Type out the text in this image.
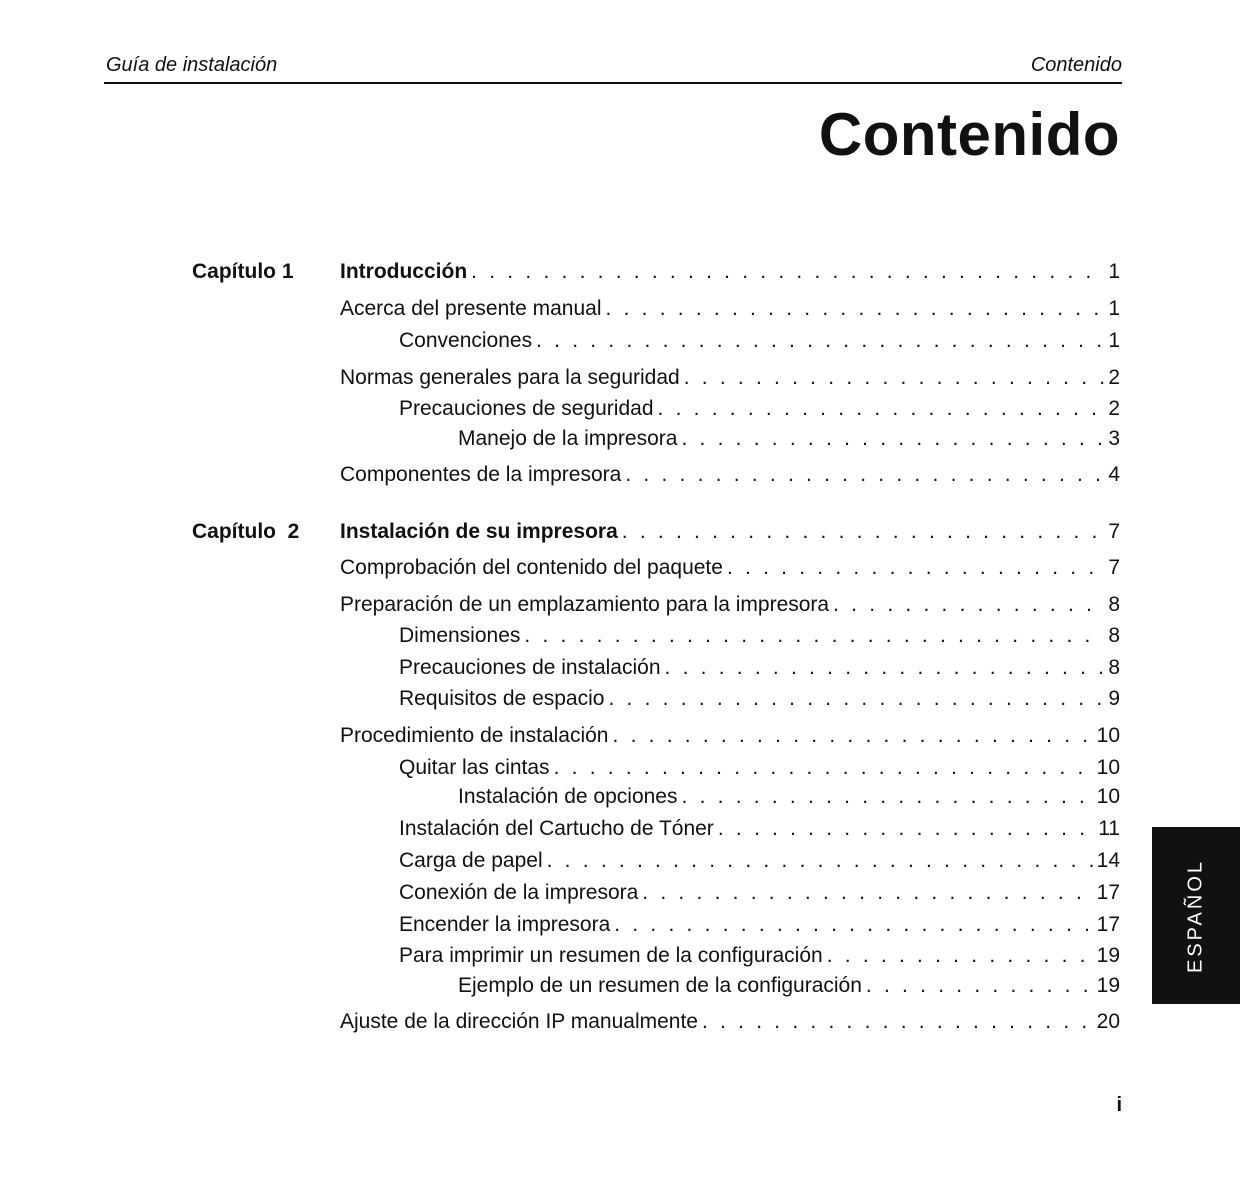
Guía de instalación	Contenido
Contenido
Capítulo 1 Introducción . . .	1
Acerca del presente manual . . .	1
Convenciones . . .	1
Normas generales para la seguridad . . .	2
Precauciones de seguridad . . .	2
Manejo de la impresora . . .	3
Componentes de la impresora . . .	4
Capítulo  2 Instalación de su impresora . . .	7
Comprobación del contenido del paquete . . .	7
Preparación de un emplazamiento para la impresora . . .	8
Dimensiones . . .	8
Precauciones de instalación . . .	8
Requisitos de espacio . . .	9
Procedimiento de instalación . . .	10
Quitar las cintas . . .	10
Instalación de opciones . . .	10
Instalación del Cartucho de Tóner . . .	11
Carga de papel . . .	14
Conexión de la impresora . . .	17
Encender la impresora . . .	17
Para imprimir un resumen de la configuración . . .	19
Ejemplo de un resumen de la configuración . . .	19
Ajuste de la dirección IP manualmente . . .	20
ESPAÑOL
i
